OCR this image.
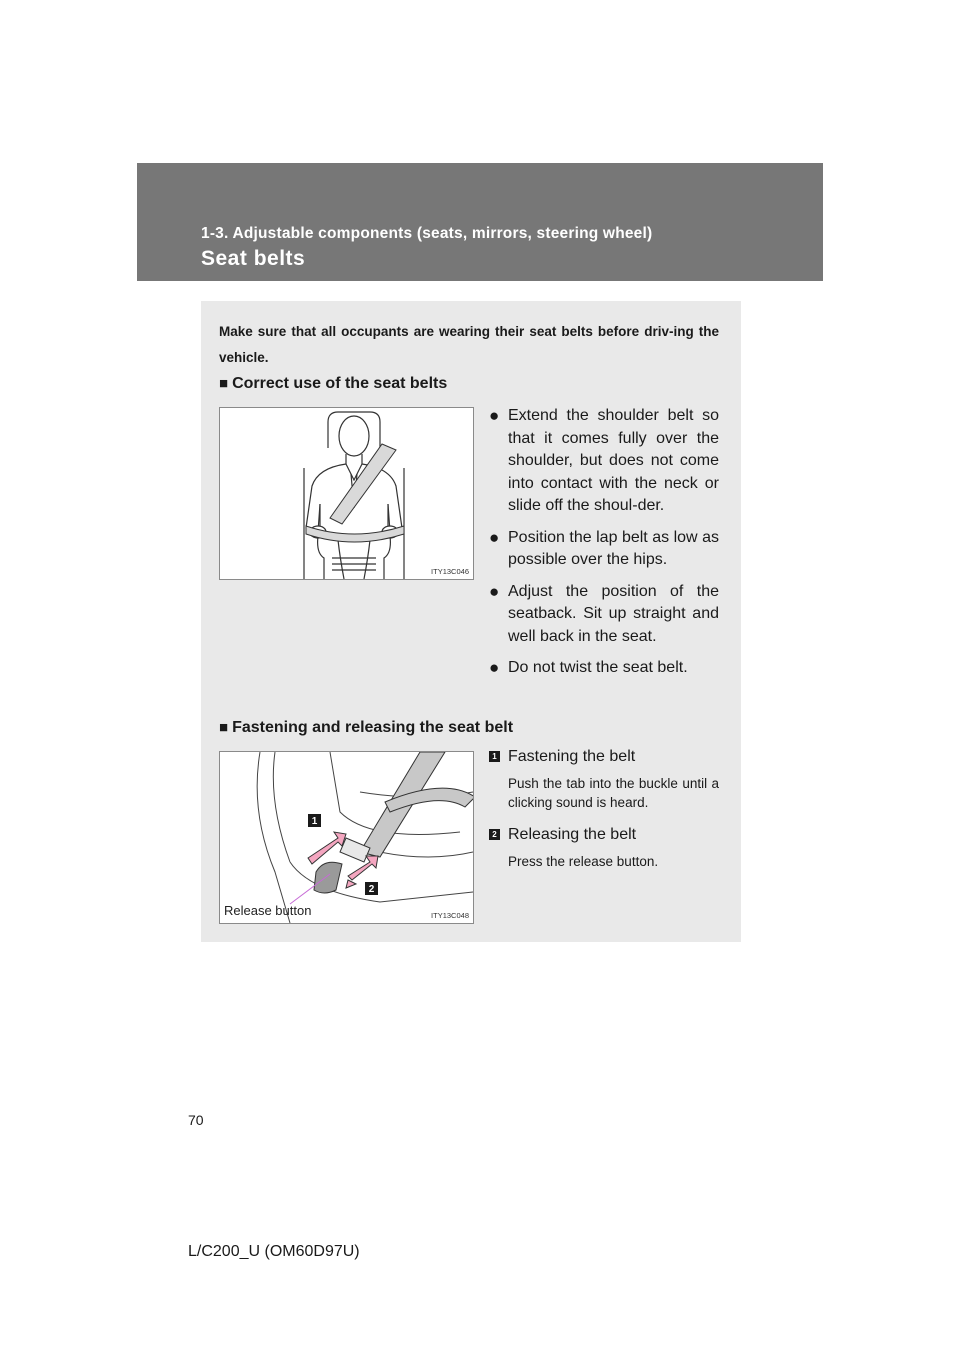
1-3. Adjustable components (seats, mirrors, steering wheel)
Seat belts
Make sure that all occupants are wearing their seat belts before driv-ing the vehicle.
■ Correct use of the seat belts
ITY13C046
● Extend the shoulder belt so that it comes fully over the shoulder, but does not come into contact with the neck or slide off the shoul-der.
● Position the lap belt as low as possible over the hips.
● Adjust the position of the seatback. Sit up straight and well back in the seat.
● Do not twist the seat belt.
■ Fastening and releasing the seat belt
1
2
Release button	ITY13C048
1 Fastening the belt
Push the tab into the buckle until a clicking sound is heard.
2 Releasing the belt
Press the release button.
70
L/C200_U (OM60D97U)
